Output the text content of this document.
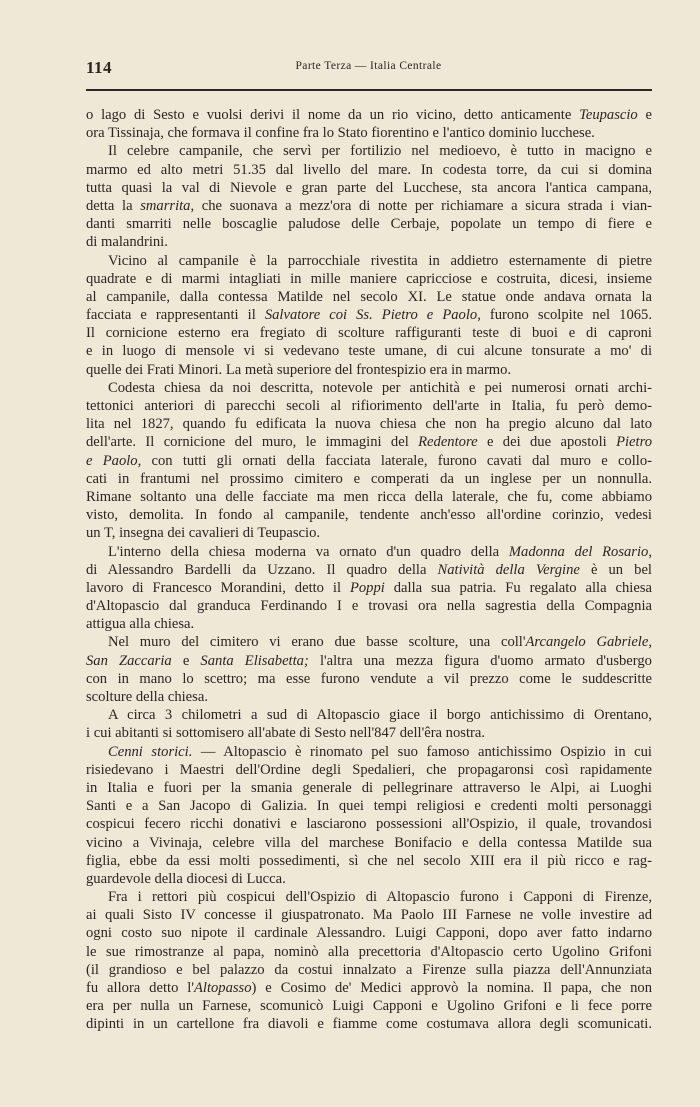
114	Parte Terza — Italia Centrale
o lago di Sesto e vuolsi derivi il nome da un rio vicino, detto anticamente Teupascio e
ora Tissinaja, che formava il confine fra lo Stato fiorentino e l'antico dominio lucchese.
Il celebre campanile, che servì per fortilizio nel medioevo, è tutto in macigno e
marmo ed alto metri 51.35 dal livello del mare. In codesta torre, da cui si domina
tutta quasi la val di Nievole e gran parte del Lucchese, sta ancora l'antica campana,
detta la smarrita, che suonava a mezz'ora di notte per richiamare a sicura strada i vian-
danti smarriti nelle boscaglie paludose delle Cerbaje, popolate un tempo di fiere e
di malandrini.
Vicino al campanile è la parrocchiale rivestita in addietro esternamente di pietre
quadrate e di marmi intagliati in mille maniere capricciose e costruita, dicesi, insieme
al campanile, dalla contessa Matilde nel secolo XI. Le statue onde andava ornata la
facciata e rappresentanti il Salvatore coi Ss. Pietro e Paolo, furono scolpite nel 1065.
Il cornicione esterno era fregiato di scolture raffiguranti teste di buoi e di caproni
e in luogo di mensole vi si vedevano teste umane, di cui alcune tonsurate a mo' di
quelle dei Frati Minori. La metà superiore del frontespizio era in marmo.
Codesta chiesa da noi descritta, notevole per antichità e pei numerosi ornati archi-
tettonici anteriori di parecchi secoli al rifiorimento dell'arte in Italia, fu però demo-
lita nel 1827, quando fu edificata la nuova chiesa che non ha pregio alcuno dal lato
dell'arte. Il cornicione del muro, le immagini del Redentore e dei due apostoli Pietro
e Paolo, con tutti gli ornati della facciata laterale, furono cavati dal muro e collo-
cati in frantumi nel prossimo cimitero e comperati da un inglese per un nonnulla.
Rimane soltanto una delle facciate ma men ricca della laterale, che fu, come abbiamo
visto, demolita. In fondo al campanile, tendente anch'esso all'ordine corinzio, vedesi
un T, insegna dei cavalieri di Teupascio.
L'interno della chiesa moderna va ornato d'un quadro della Madonna del Rosario,
di Alessandro Bardelli da Uzzano. Il quadro della Natività della Vergine è un bel
lavoro di Francesco Morandini, detto il Poppi dalla sua patria. Fu regalato alla chiesa
d'Altopascio dal granduca Ferdinando I e trovasi ora nella sagrestia della Compagnia
attigua alla chiesa.
Nel muro del cimitero vi erano due basse scolture, una coll'Arcangelo Gabriele,
San Zaccaria e Santa Elisabetta; l'altra una mezza figura d'uomo armato d'usbergo
con in mano lo scettro; ma esse furono vendute a vil prezzo come le suddescritte
scolture della chiesa.
A circa 3 chilometri a sud di Altopascio giace il borgo antichissimo di Orentano,
i cui abitanti si sottomisero all'abate di Sesto nell'847 dell'êra nostra.
Cenni storici. — Altopascio è rinomato pel suo famoso antichissimo Ospizio in cui
risiedevano i Maestri dell'Ordine degli Spedalieri, che propagaronsi così rapidamente
in Italia e fuori per la smania generale di pellegrinare attraverso le Alpi, ai Luoghi
Santi e a San Jacopo di Galizia. In quei tempi religiosi e credenti molti personaggi
cospicui fecero ricchi donativi e lasciarono possessioni all'Ospizio, il quale, trovandosi
vicino a Vivinaja, celebre villa del marchese Bonifacio e della contessa Matilde sua
figlia, ebbe da essi molti possedimenti, sì che nel secolo XIII era il più ricco e rag-
guardevole della diocesi di Lucca.
Fra i rettori più cospicui dell'Ospizio di Altopascio furono i Capponi di Firenze,
ai quali Sisto IV concesse il giuspatronato. Ma Paolo III Farnese ne volle investire ad
ogni costo suo nipote il cardinale Alessandro. Luigi Capponi, dopo aver fatto indarno
le sue rimostranze al papa, nominò alla precettoria d'Altopascio certo Ugolino Grifoni
(il grandioso e bel palazzo da costui innalzato a Firenze sulla piazza dell'Annunziata
fu allora detto l'Altopasso) e Cosimo de' Medici approvò la nomina. Il papa, che non
era per nulla un Farnese, scomunicò Luigi Capponi e Ugolino Grifoni e li fece porre
dipinti in un cartellone fra diavoli e fiamme come costumava allora degli scomunicati.
